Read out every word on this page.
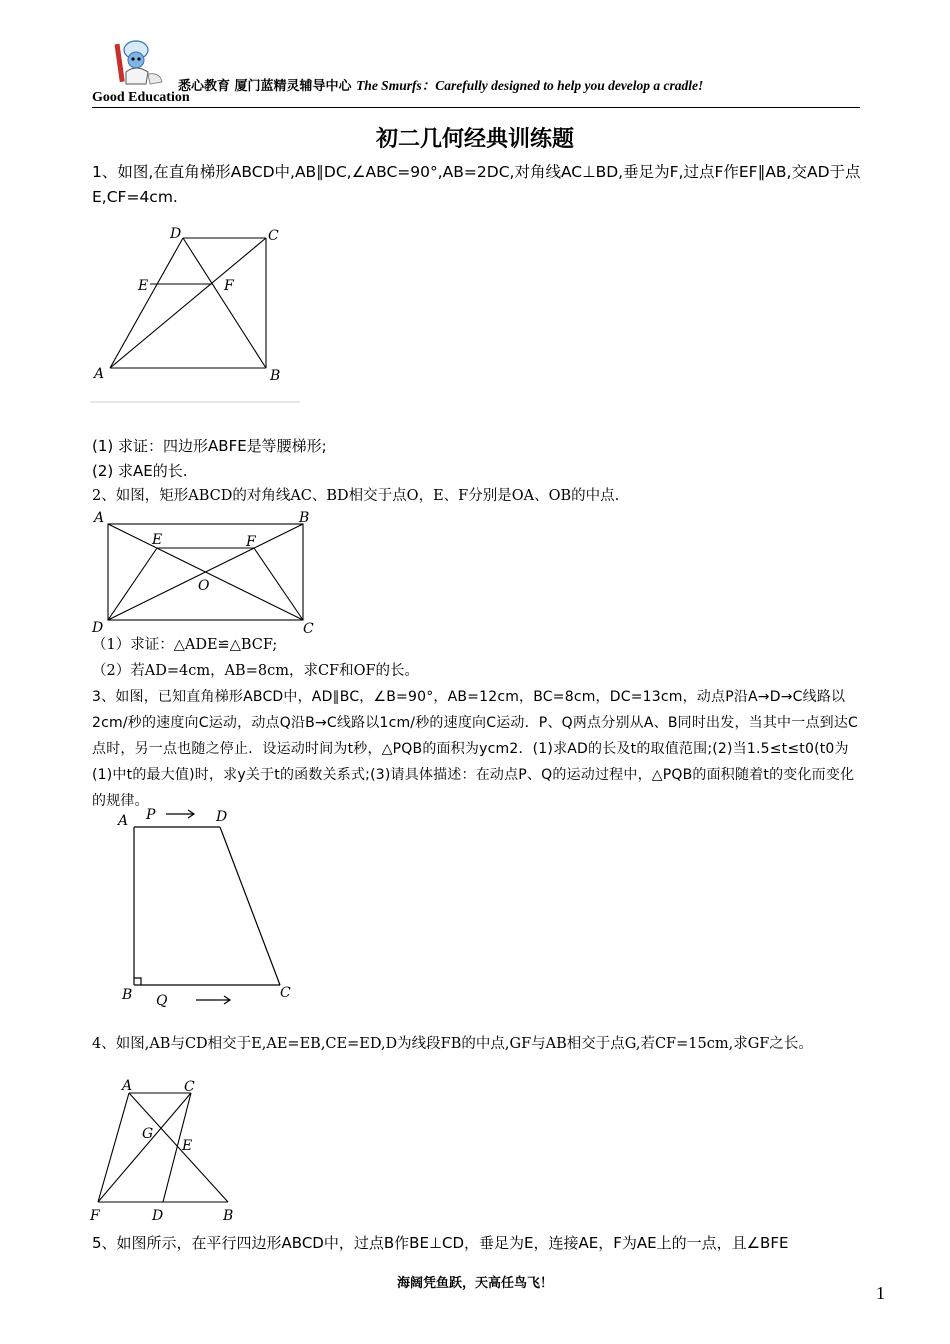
悉心教育 厦门蓝精灵辅导中心 The Smurfs：Carefully designed to help you develop a cradle!
Good Education
初二几何经典训练题
1、如图,在直角梯形ABCD中,AB∥DC,∠ABC=90°,AB=2DC,对角线AC⊥BD,垂足为F,过点F作EF∥AB,交AD于点E,CF=4cm.
D	C
E	F
A	B
(1) 求证：四边形ABFE是等腰梯形;
(2) 求AE的长.
2、如图，矩形ABCD的对角线AC、BD相交于点O，E、F分别是OA、OB的中点.
A	B
E	F
O
D	C
（1）求证：△ADE≌△BCF;
（2）若AD=4cm，AB=8cm，求CF和OF的长。
3、如图，已知直角梯形ABCD中，AD∥BC，∠B=90°，AB=12cm，BC=8cm，DC=13cm，动点P沿A→D→C线路以2cm/秒的速度向C运动，动点Q沿B→C线路以1cm/秒的速度向C运动．P、Q两点分别从A、B同时出发，当其中一点到达C点时，另一点也随之停止．设运动时间为t秒，△PQB的面积为ycm2．(1)求AD的长及t的取值范围;(2)当1.5≤t≤t0(t0为(1)中t的最大值)时，求y关于t的函数关系式;(3)请具体描述：在动点P、Q的运动过程中，△PQB的面积随着t的变化而变化的规律。
A P	D
B Q	C
4、如图,AB与CD相交于E,AE=EB,CE=ED,D为线段FB的中点,GF与AB相交于点G,若CF=15cm,求GF之长。
A	C
G
E
F	D	B
5、如图所示，在平行四边形ABCD中，过点B作BE⊥CD，垂足为E，连接AE，F为AE上的一点，且∠BFE
海阔凭鱼跃，天高任鸟飞！	1
